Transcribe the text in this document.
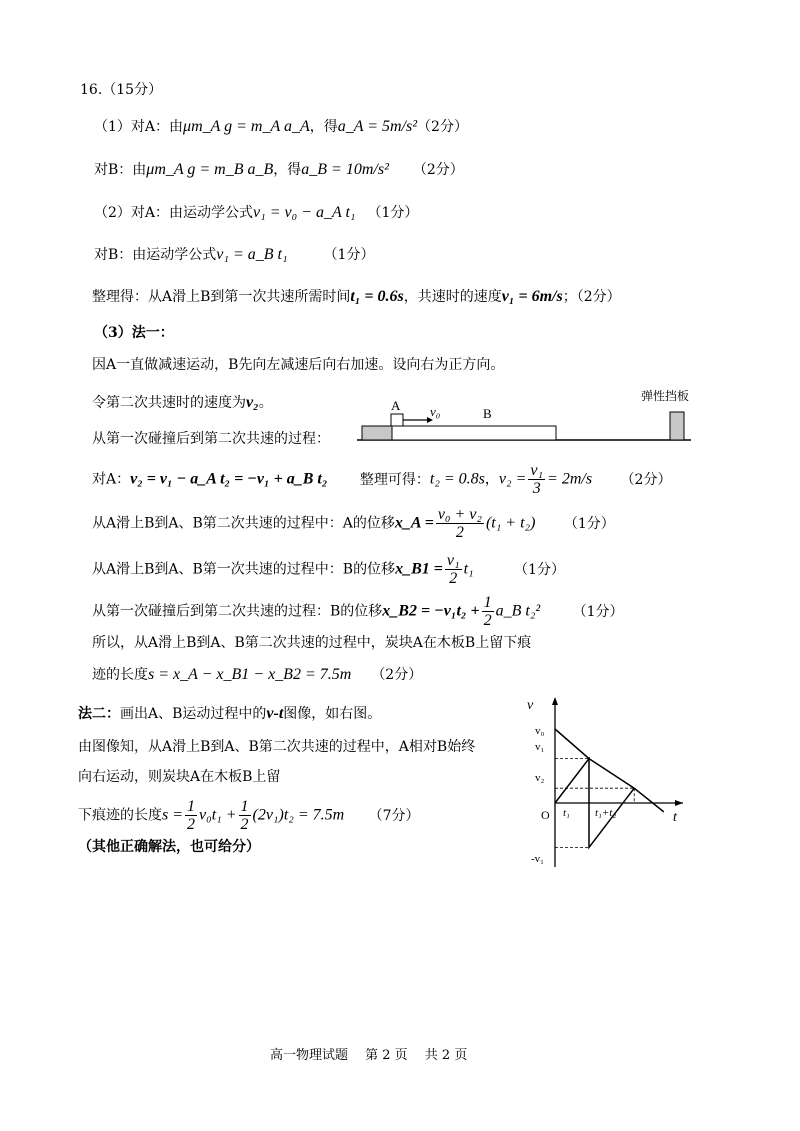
16.（15分）
（1）对A：由μm_A g = m_A a_A，得a_A = 5m/s²（2分）
对B：由μm_A g = m_B a_B，得a_B = 10m/s² （2分）
（2）对A：由运动学公式v₁ = v₀ − a_A t₁ （1分）
对B：由运动学公式v₁ = a_B t₁	（1分）
整理得：从A滑上B到第一次共速所需时间t₁ = 0.6s，共速时的速度v₁ = 6m/s；（2分）
（3）法一：
因A一直做减速运动，B先向左减速后向右加速。设向右为正方向。
令第二次共速时的速度为v₂。
从第一次碰撞后到第二次共速的过程：
A v₀	B
弹性挡板
对A：v₂ = v₁ − a_A t₂ = −v₁ + a_B t₂ 整理可得：t₂ = 0.8s，$v_2 = \frac{\text{v₁}}{3} = 2m/s$ （2分）
从A滑上B到A、B第二次共速的过程中：A的位移x_A = $\frac{\text{v₀ + v₂}}{2} (t_1 + t_2)$ （1分）
从A滑上B到A、B第一次共速的过程中：B的位移x_B1 = $\frac{\text{v₁}}{2} t_1$	（1分）
从第一次碰撞后到第二次共速的过程：B的位移x_B2 = $-v_1t_2 + \frac{1}{2}$ a_B t₂² （1分）
所以，从A滑上B到A、B第二次共速的过程中，炭块A在木板B上留下痕
迹的长度s = x_A − x_B1 − x_B2 = 7.5m （2分）
法二：画出A、B运动过程中的v-t图像，如右图。
由图像知，从A滑上B到A、B第二次共速的过程中，A相对B始终
向右运动，则炭块A在木板B上留
下痕迹的长度$s = \frac{1}{2} v_0t_1 + \frac{1}{2} (2v_1)t_2 = 7.5m$ （7分）
（其他正确解法，也可给分）
v
t
O t₁ t₁+t₂
v₀
v₁
v₂
-v₁
高一物理试题　 第 2 页　 共 2 页
